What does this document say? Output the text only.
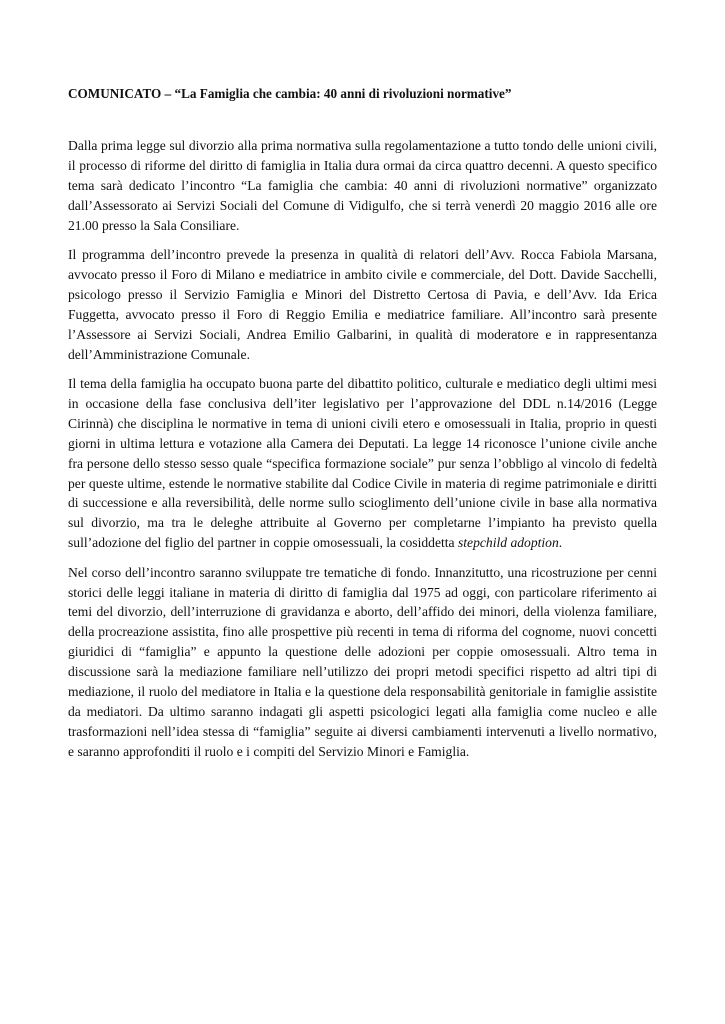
COMUNICATO – “La Famiglia che cambia: 40 anni di rivoluzioni normative”

Dalla prima legge sul divorzio alla prima normativa sulla regolamentazione a tutto tondo delle unioni civili, il processo di riforme del diritto di famiglia in Italia dura ormai da circa quattro decenni. A questo specifico tema sarà dedicato l’incontro “La famiglia che cambia: 40 anni di rivoluzioni normative” organizzato dall’Assessorato ai Servizi Sociali del Comune di Vidigulfo, che si terrà venerdì 20 maggio 2016 alle ore 21.00 presso la Sala Consiliare.

Il programma dell’incontro prevede la presenza in qualità di relatori dell’Avv. Rocca Fabiola Marsana, avvocato presso il Foro di Milano e mediatrice in ambito civile e commerciale, del Dott. Davide Sacchelli, psicologo presso il Servizio Famiglia e Minori del Distretto Certosa di Pavia, e dell’Avv. Ida Erica Fuggetta, avvocato presso il Foro di Reggio Emilia e mediatrice familiare. All’incontro sarà presente l’Assessore ai Servizi Sociali, Andrea Emilio Galbarini, in qualità di moderatore e in rappresentanza dell’Amministrazione Comunale.

Il tema della famiglia ha occupato buona parte del dibattito politico, culturale e mediatico degli ultimi mesi in occasione della fase conclusiva dell’iter legislativo per l’approvazione del DDL n.14/2016 (Legge Cirinnà) che disciplina le normative in tema di unioni civili etero e omosessuali in Italia, proprio in questi giorni in ultima lettura e votazione alla Camera dei Deputati. La legge 14 riconosce l’unione civile anche fra persone dello stesso sesso quale “specifica formazione sociale” pur senza l’obbligo al vincolo di fedeltà per queste ultime, estende le normative stabilite dal Codice Civile in materia di regime patrimoniale e diritti di successione e alla reversibilità, delle norme sullo scioglimento dell’unione civile in base alla normativa sul divorzio, ma tra le deleghe attribuite al Governo per completarne l’impianto ha previsto quella sull’adozione del figlio del partner in coppie omosessuali, la cosiddetta stepchild adoption.

Nel corso dell’incontro saranno sviluppate tre tematiche di fondo. Innanzitutto, una ricostruzione per cenni storici delle leggi italiane in materia di diritto di famiglia dal 1975 ad oggi, con particolare riferimento ai temi del divorzio, dell’interruzione di gravidanza e aborto, dell’affido dei minori, della violenza familiare, della procreazione assistita, fino alle prospettive più recenti in tema di riforma del cognome, nuovi concetti giuridici di “famiglia” e appunto la questione delle adozioni per coppie omosessuali. Altro tema in discussione sarà la mediazione familiare nell’utilizzo dei propri metodi specifici rispetto ad altri tipi di mediazione, il ruolo del mediatore in Italia e la questione dela responsabilità genitoriale in famiglie assistite da mediatori. Da ultimo saranno indagati gli aspetti psicologici legati alla famiglia come nucleo e alle trasformazioni nell’idea stessa di “famiglia” seguite ai diversi cambiamenti intervenuti a livello normativo, e saranno approfonditi il ruolo e i compiti del Servizio Minori e Famiglia.
